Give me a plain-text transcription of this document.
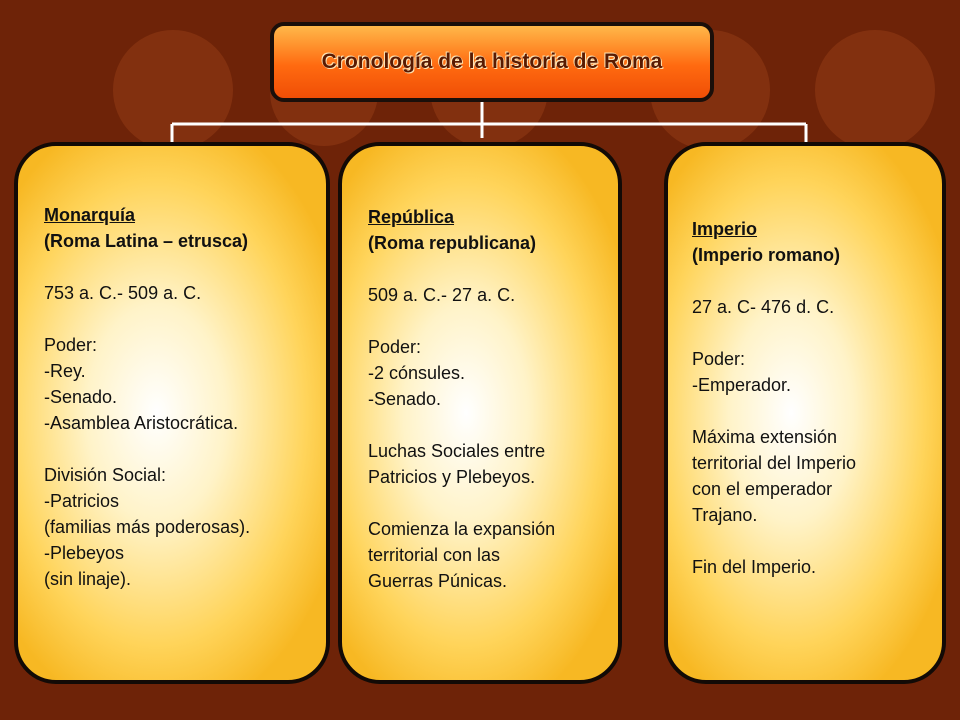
Cronología de la historia de Roma

Monarquía

(Roma Latina – etrusca)

753 a. C.- 509 a. C.

Poder:

-Rey.

-Senado.

-Asamblea Aristocrática.

División Social:

-Patricios

(familias más poderosas).

-Plebeyos

(sin linaje).

República

(Roma republicana)

509 a. C.- 27 a. C.

Poder:

-2 cónsules.

-Senado.

Luchas Sociales entre

Patricios y Plebeyos.

Comienza la expansión

territorial con las

Guerras Púnicas.

Imperio

(Imperio romano)

27 a. C- 476 d. C.

Poder:

-Emperador.

Máxima extensión

territorial del Imperio

con el emperador

Trajano.

Fin del Imperio.
